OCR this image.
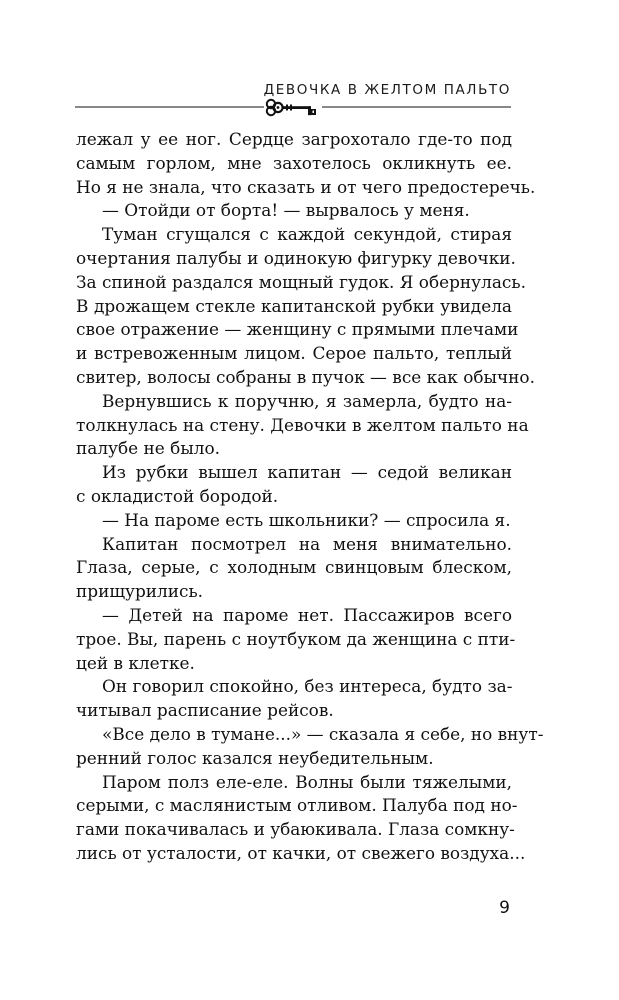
ДЕВОЧКА В ЖЕЛТОМ ПАЛЬТО
лежал у ее ног. Сердце загрохотало где-то под
самым горлом, мне захотелось окликнуть ее.
Но я не знала, что сказать и от чего предостеречь.
— Отойди от борта! — вырвалось у меня.
Туман сгущался с каждой секундой, стирая
очертания палубы и одинокую фигурку девочки.
За спиной раздался мощный гудок. Я обернулась.
В дрожащем стекле капитанской рубки увидела
свое отражение — женщину с прямыми плечами
и встревоженным лицом. Серое пальто, теплый
свитер, волосы собраны в пучок — все как обычно.
Вернувшись к поручню, я замерла, будто на-
толкнулась на стену. Девочки в желтом пальто на
палубе не было.
Из рубки вышел капитан — седой великан
с окладистой бородой.
— На пароме есть школьники? — спросила я.
Капитан посмотрел на меня внимательно.
Глаза, серые, с холодным свинцовым блеском,
прищурились.
— Детей на пароме нет. Пассажиров всего
трое. Вы, парень с ноутбуком да женщина с пти-
цей в клетке.
Он говорил спокойно, без интереса, будто за-
читывал расписание рейсов.
«Все дело в тумане...» — сказала я себе, но внут-
ренний голос казался неубедительным.
Паром полз еле-еле. Волны были тяжелыми,
серыми, с маслянистым отливом. Палуба под но-
гами покачивалась и убаюкивала. Глаза сомкну-
лись от усталости, от качки, от свежего воздуха...
9
